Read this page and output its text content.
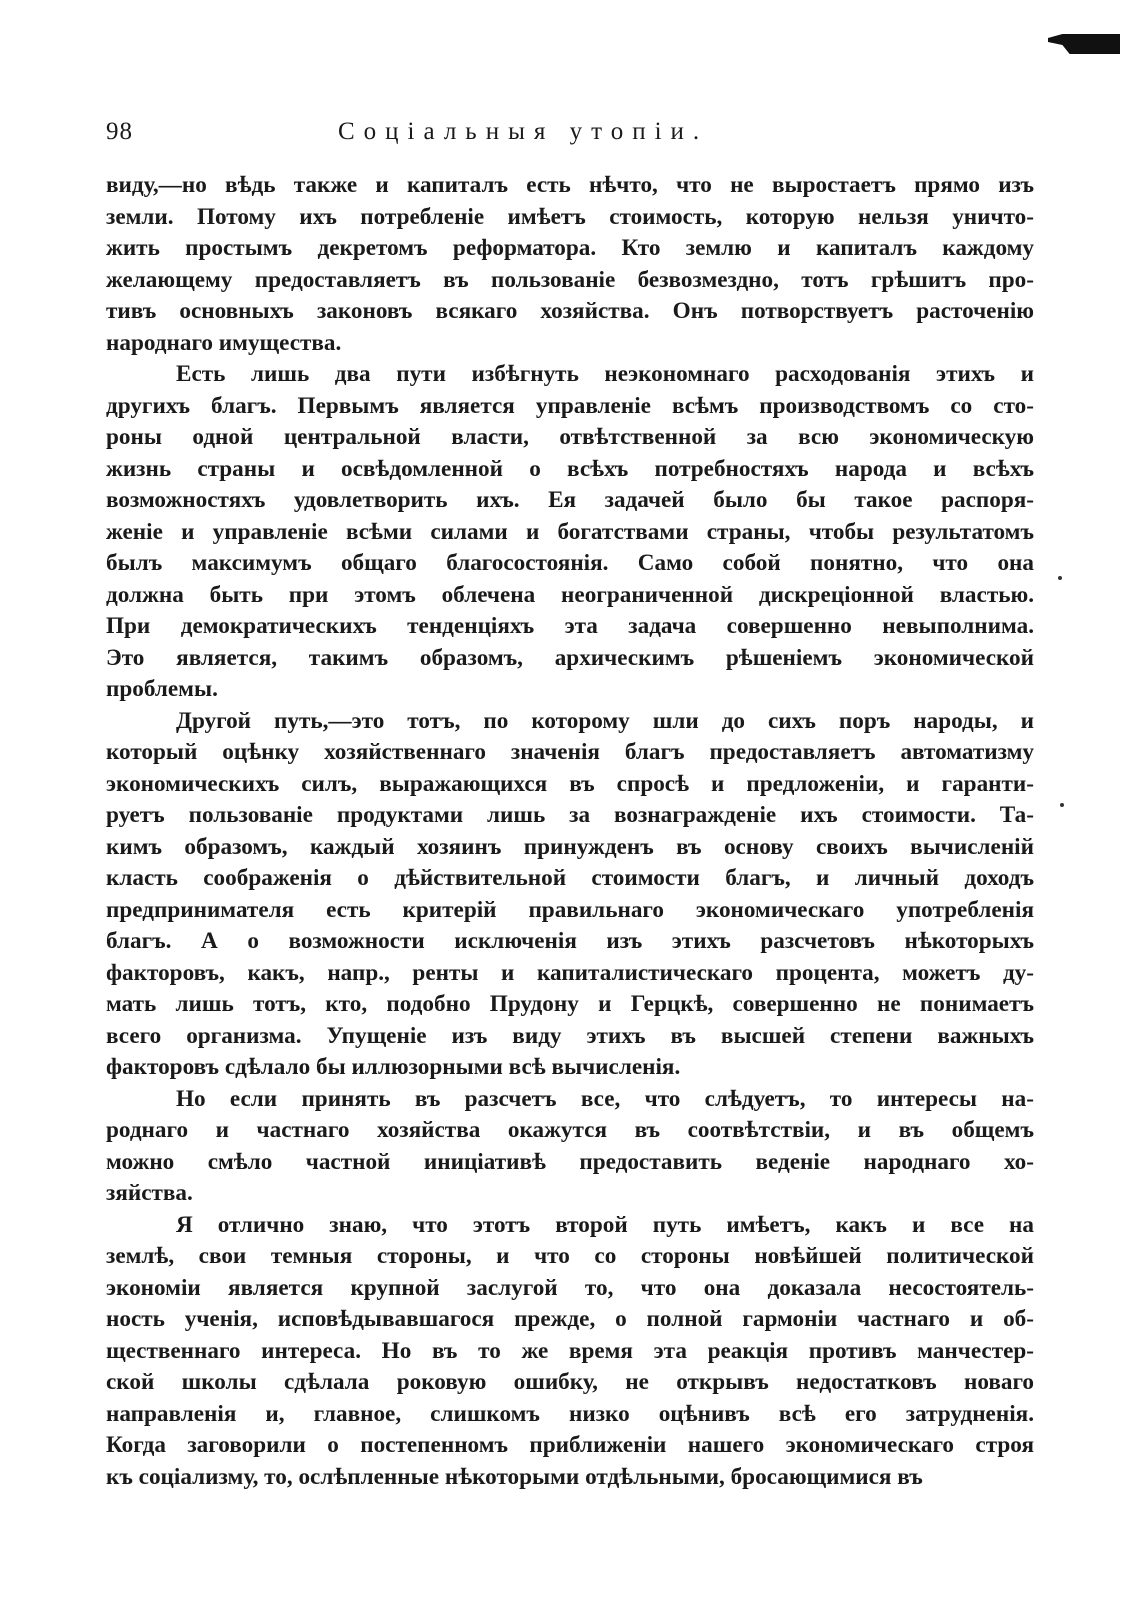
98	Соціальныя утопіи.
виду,—но вѣдь также и капиталъ есть нѣчто, что не выростаетъ прямо изъ
земли. Потому ихъ потребленіе имѣетъ стоимость, которую нельзя уничто-
жить простымъ декретомъ реформатора. Кто землю и капиталъ каждому
желающему предоставляетъ въ пользованіе безвозмездно, тотъ грѣшитъ про-
тивъ основныхъ законовъ всякаго хозяйства. Онъ потворствуетъ расточенію
народнаго имущества.
Есть лишь два пути избѣгнуть неэкономнаго расходованія этихъ и
другихъ благъ. Первымъ является управленіе всѣмъ производствомъ со сто-
роны одной центральной власти, отвѣтственной за всю экономическую
жизнь страны и освѣдомленной о всѣхъ потребностяхъ народа и всѣхъ
возможностяхъ удовлетворить ихъ. Ея задачей было бы такое распоря-
женіе и управленіе всѣми силами и богатствами страны, чтобы результатомъ
былъ максимумъ общаго благосостоянія. Само собой понятно, что она
должна быть при этомъ облечена неограниченной дискреціонной властью.
При демократическихъ тенденціяхъ эта задача совершенно невыполнима.
Это является, такимъ образомъ, архическимъ рѣшеніемъ экономической
проблемы.
Другой путь,—это тотъ, по которому шли до сихъ поръ народы, и
который оцѣнку хозяйственнаго значенія благъ предоставляетъ автоматизму
экономическихъ силъ, выражающихся въ спросѣ и предложеніи, и гаранти-
руетъ пользованіе продуктами лишь за вознагражденіе ихъ стоимости. Та-
кимъ образомъ, каждый хозяинъ принужденъ въ основу своихъ вычисленій
класть соображенія о дѣйствительной стоимости благъ, и личный доходъ
предпринимателя есть критерій правильнаго экономическаго употребленія
благъ. А о возможности исключенія изъ этихъ разсчетовъ нѣкоторыхъ
факторовъ, какъ, напр., ренты и капиталистическаго процента, можетъ ду-
мать лишь тотъ, кто, подобно Прудону и Герцкѣ, совершенно не понимаетъ
всего организма. Упущеніе изъ виду этихъ въ высшей степени важныхъ
факторовъ сдѣлало бы иллюзорными всѣ вычисленія.
Но если принять въ разсчетъ все, что слѣдуетъ, то интересы на-
роднаго и частнаго хозяйства окажутся въ соотвѣтствіи, и въ общемъ
можно смѣло частной иниціативѣ предоставить веденіе народнаго хо-
зяйства.
Я отлично знаю, что этотъ второй путь имѣетъ, какъ и все на
землѣ, свои темныя стороны, и что со стороны новѣйшей политической
экономіи является крупной заслугой то, что она доказала несостоятель-
ность ученія, исповѣдывавшагося прежде, о полной гармоніи частнаго и об-
щественнаго интереса. Но въ то же время эта реакція противъ манчестер-
ской школы сдѣлала роковую ошибку, не открывъ недостатковъ новаго
направленія и, главное, слишкомъ низко оцѣнивъ всѣ его затрудненія.
Когда заговорили о постепенномъ приближеніи нашего экономическаго строя
къ соціализму, то, ослѣпленные нѣкоторыми отдѣльными, бросающимися въ
